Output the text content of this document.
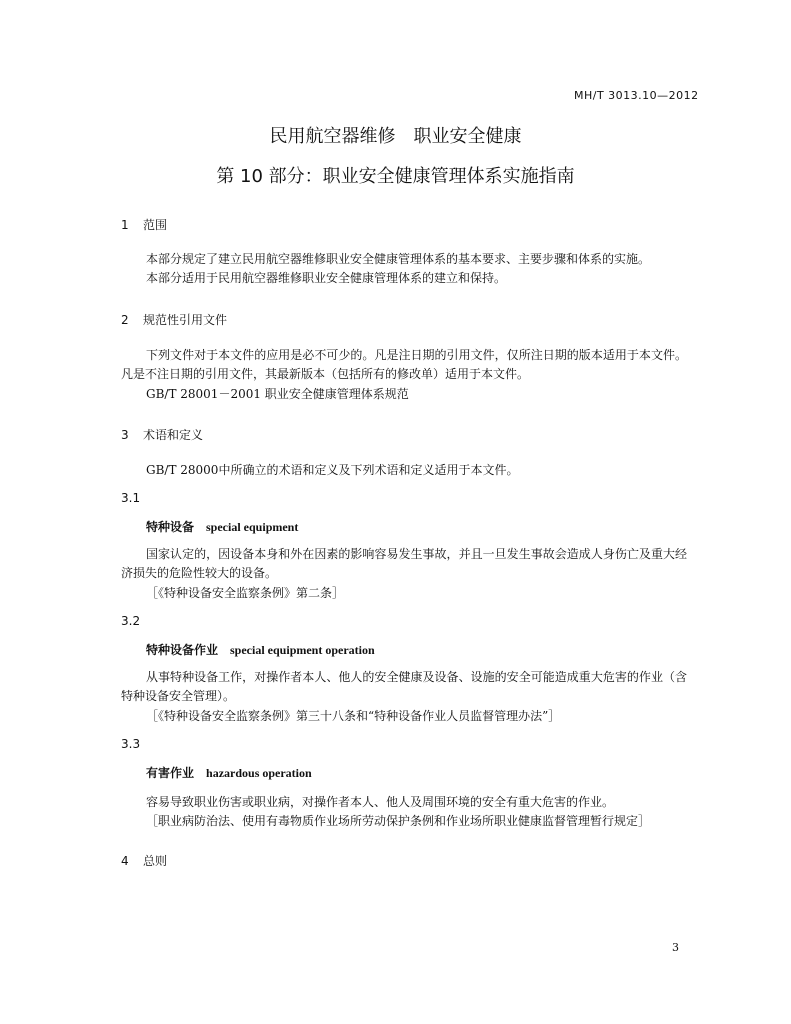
MH/T 3013.10—2012
民用航空器维修　职业安全健康
第 10 部分：职业安全健康管理体系实施指南
1 范围
本部分规定了建立民用航空器维修职业安全健康管理体系的基本要求、主要步骤和体系的实施。
本部分适用于民用航空器维修职业安全健康管理体系的建立和保持。
2 规范性引用文件
下列文件对于本文件的应用是必不可少的。凡是注日期的引用文件，仅所注日期的版本适用于本文件。凡是不注日期的引用文件，其最新版本（包括所有的修改单）适用于本文件。
GB/T 28001－2001 职业安全健康管理体系规范
3 术语和定义
GB/T 28000中所确立的术语和定义及下列术语和定义适用于本文件。
3.1
特种设备 special equipment
国家认定的，因设备本身和外在因素的影响容易发生事故，并且一旦发生事故会造成人身伤亡及重大经济损失的危险性较大的设备。
［《特种设备安全监察条例》第二条］
3.2
特种设备作业 special equipment operation
从事特种设备工作，对操作者本人、他人的安全健康及设备、设施的安全可能造成重大危害的作业（含特种设备安全管理）。
［《特种设备安全监察条例》第三十八条和“特种设备作业人员监督管理办法”］
3.3
有害作业 hazardous operation
容易导致职业伤害或职业病，对操作者本人、他人及周围环境的安全有重大危害的作业。
［职业病防治法、使用有毒物质作业场所劳动保护条例和作业场所职业健康监督管理暂行规定］
4 总则
3
